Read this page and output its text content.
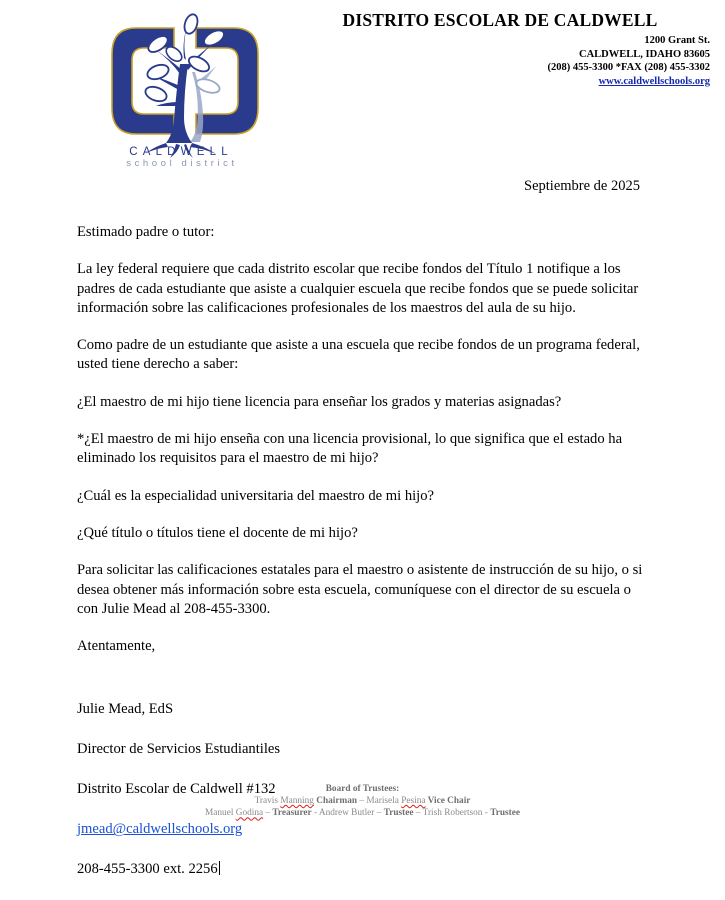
CALDWELL
school district
DISTRITO ESCOLAR DE CALDWELL
1200 Grant St.
CALDWELL, IDAHO 83605
(208) 455-3300 *FAX (208) 455-3302
www.caldwellschools.org
Septiembre de 2025

Estimado padre o tutor:

La ley federal requiere que cada distrito escolar que recibe fondos del Título 1 notifique a los padres de cada estudiante que asiste a cualquier escuela que recibe fondos que se puede solicitar información sobre las calificaciones profesionales de los maestros del aula de su hijo.

Como padre de un estudiante que asiste a una escuela que recibe fondos de un programa federal, usted tiene derecho a saber:

¿El maestro de mi hijo tiene licencia para enseñar los grados y materias asignadas?

*¿El maestro de mi hijo enseña con una licencia provisional, lo que significa que el estado ha eliminado los requisitos para el maestro de mi hijo?

¿Cuál es la especialidad universitaria del maestro de mi hijo?

¿Qué título o títulos tiene el docente de mi hijo?

Para solicitar las calificaciones estatales para el maestro o asistente de instrucción de su hijo, o si desea obtener más información sobre esta escuela, comuníquese con el director de su escuela o con Julie Mead al 208-455-3300.

Atentamente,

Julie Mead, EdS

Director de Servicios Estudiantiles

Distrito Escolar de Caldwell #132

jmead@caldwellschools.org

208-455-3300 ext. 2256

Board of Trustees:
Travis Manning Chairman – Marisela Pesina Vice Chair
Manuel Godina – Treasurer - Andrew Butler – Trustee – Trish Robertson - Trustee
